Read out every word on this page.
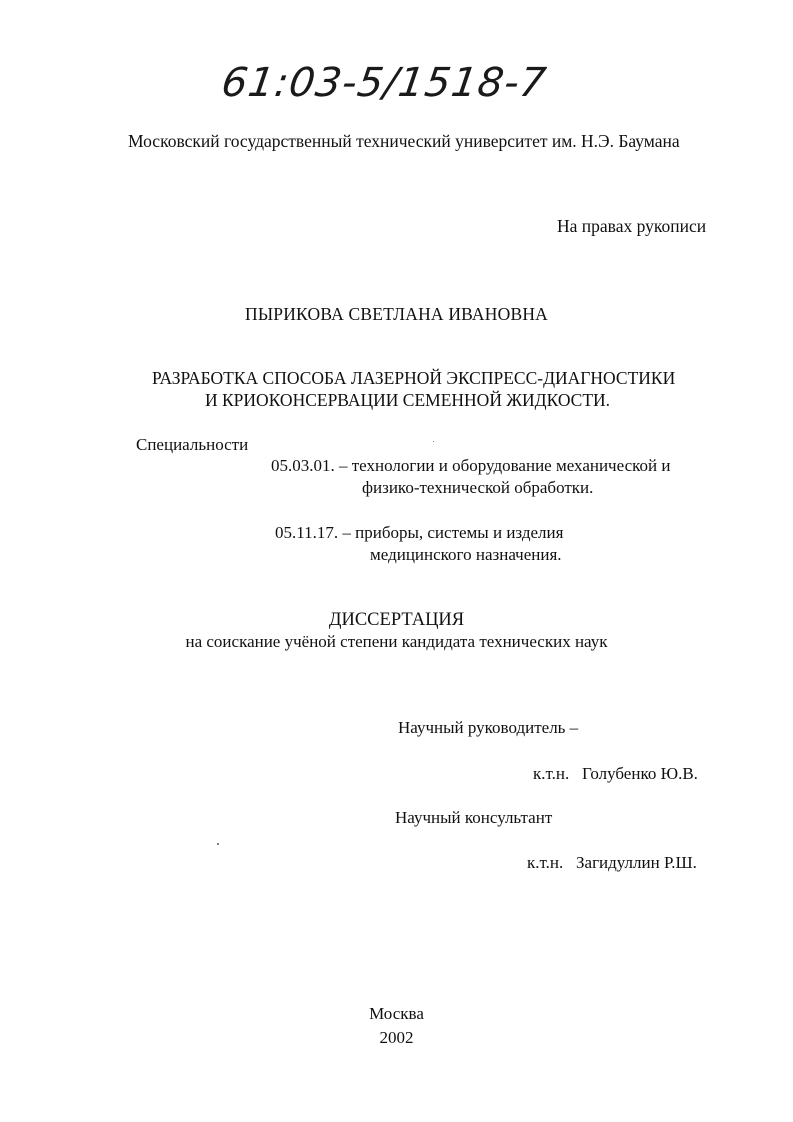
61:03-5/1518-7
Московский государственный технический университет им. Н.Э. Баумана
На правах рукописи
ПЫРИКОВА СВЕТЛАНА ИВАНОВНА
РАЗРАБОТКА СПОСОБА ЛАЗЕРНОЙ ЭКСПРЕСС-ДИАГНОСТИКИ
И КРИОКОНСЕРВАЦИИ СЕМЕННОЙ ЖИДКОСТИ.
Специальности
05.03.01. – технологии и оборудование механической и
физико-технической обработки.
05.11.17. – приборы, системы и изделия
медицинского назначения.
ДИССЕРТАЦИЯ
на соискание учёной степени кандидата технических наук
Научный руководитель –
к.т.н.   Голубенко Ю.В.
Научный консультант
к.т.н.   Загидуллин Р.Ш.
Москва
2002
